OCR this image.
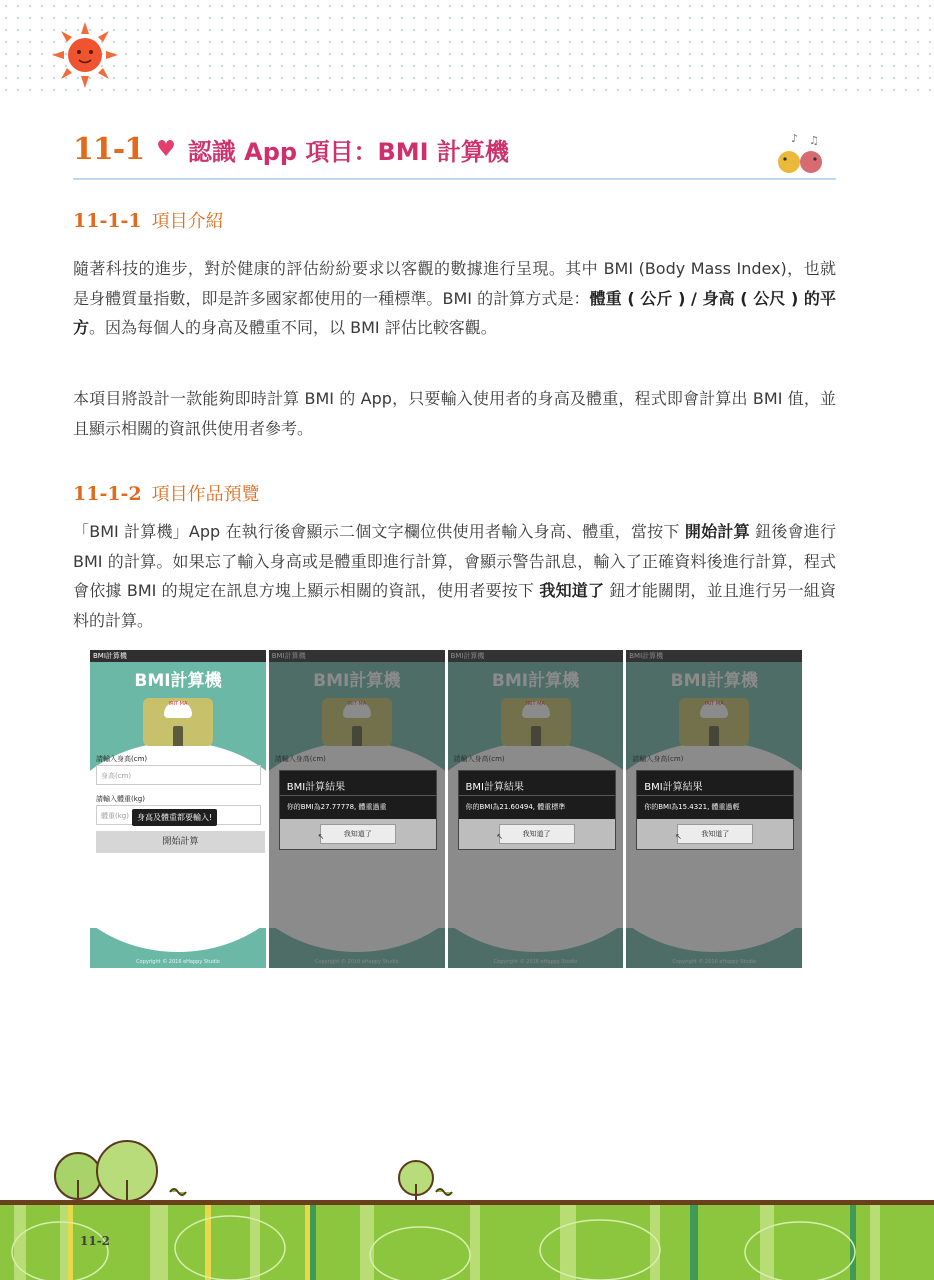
11-1 ♥ 認識 App 項目：BMI 計算機	♪ ♫
11-1-1 項目介紹
隨著科技的進步，對於健康的評估紛紛要求以客觀的數據進行呈現。其中 BMI (Body Mass Index)，也就是身體質量指數，即是許多國家都使用的一種標準。BMI 的計算方式是：體重 ( 公斤 ) / 身高 ( 公尺 ) 的平方。因為每個人的身高及體重不同，以 BMI 評估比較客觀。
本項目將設計一款能夠即時計算 BMI 的 App，只要輸入使用者的身高及體重，程式即會計算出 BMI 值，並且顯示相關的資訊供使用者參考。
11-1-2 項目作品預覽
「BMI 計算機」App 在執行後會顯示二個文字欄位供使用者輸入身高、體重，當按下 開始計算 鈕後會進行 BMI 的計算。如果忘了輸入身高或是體重即進行計算，會顯示警告訊息，輸入了正確資料後進行計算，程式會依據 BMI 的規定在訊息方塊上顯示相關的資訊，使用者要按下 我知道了 鈕才能關閉，並且進行另一組資料的計算。
BMI計算機
BMI計算機
IRIT MA
請輸入身高(cm)
身高(cm)
請輸入體重(kg)
體重(kg)	身高及體重都要輸入!
開始計算
Copyright © 2016 eHappy Studio
BMI計算結果
你的BMI為27.77778, 體重過重
我知道了
↖
BMI計算結果
你的BMI為21.60494, 體重標準
我知道了
↖
BMI計算結果
你的BMI為15.4321, 體重過輕
我知道了
↖
11-2
